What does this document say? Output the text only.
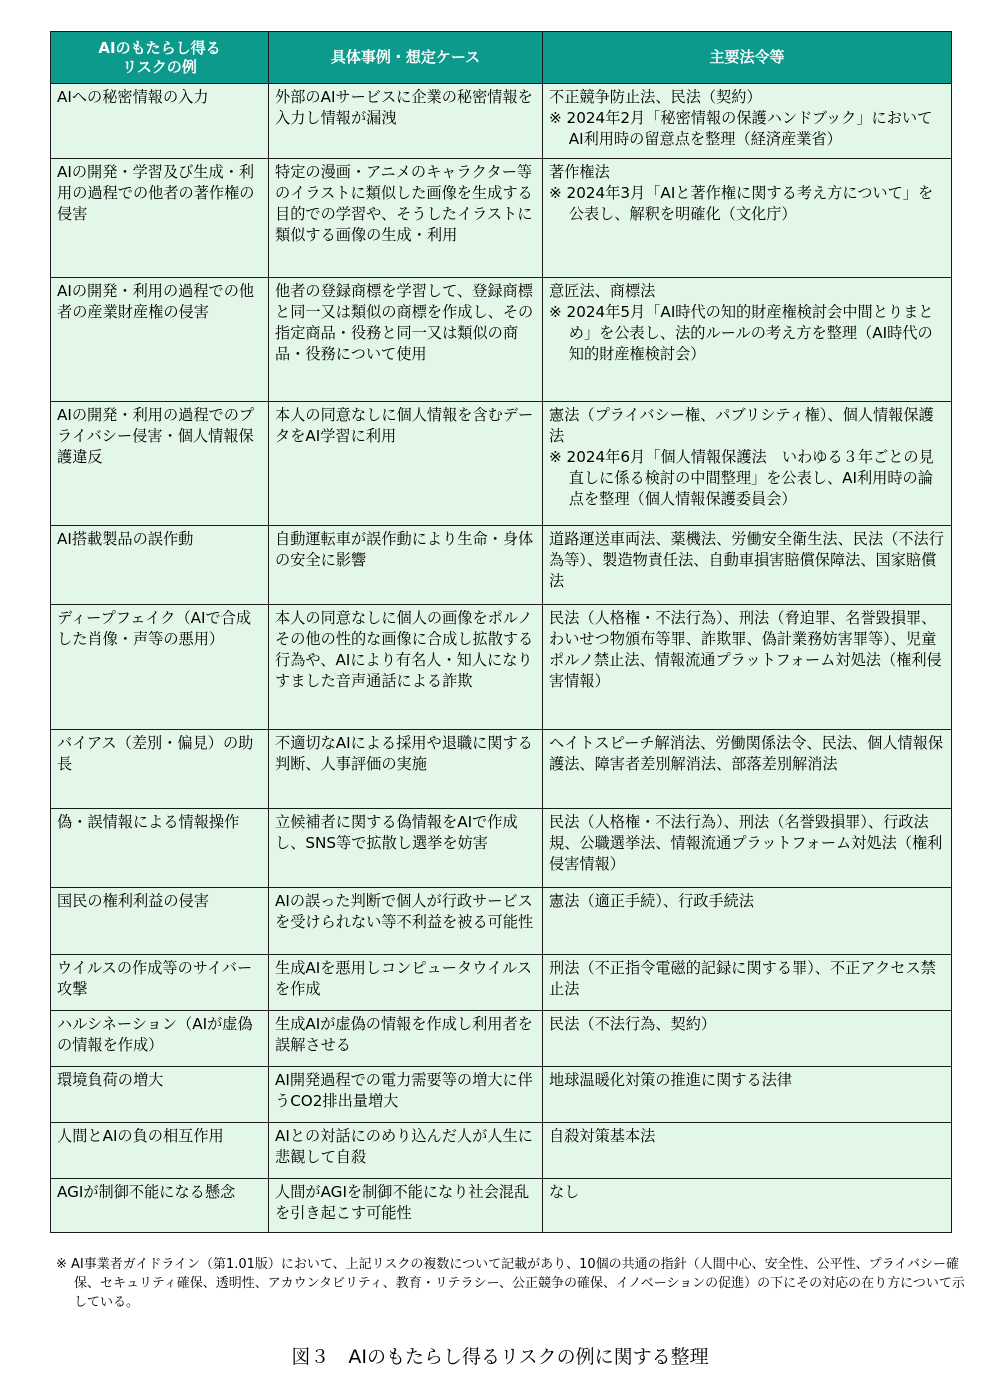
AIのもたらし得る
リスクの例	具体事例・想定ケース	主要法令等
AIへの秘密情報の入力	外部のAIサービスに企業の秘密情報を入力し情報が漏洩	不正競争防止法、民法（契約）
※ 2024年2月「秘密情報の保護ハンドブック」においてAI利用時の留意点を整理（経済産業省）

AIの開発・学習及び生成・利用の過程での他者の著作権の侵害	特定の漫画・アニメのキャラクター等のイラストに類似した画像を生成する目的での学習や、そうしたイラストに類似する画像の生成・利用	著作権法
※ 2024年3月「AIと著作権に関する考え方について」を公表し、解釈を明確化（文化庁）

AIの開発・利用の過程での他者の産業財産権の侵害	他者の登録商標を学習して、登録商標と同一又は類似の商標を作成し、その指定商品・役務と同一又は類似の商品・役務について使用	意匠法、商標法
※ 2024年5月「AI時代の知的財産権検討会中間とりまとめ」を公表し、法的ルールの考え方を整理（AI時代の知的財産権検討会）

AIの開発・利用の過程でのプライバシー侵害・個人情報保護違反	本人の同意なしに個人情報を含むデータをAI学習に利用	憲法（プライバシー権、パブリシティ権）、個人情報保護法
※ 2024年6月「個人情報保護法　いわゆる３年ごとの見直しに係る検討の中間整理」を公表し、AI利用時の論点を整理（個人情報保護委員会）

AI搭載製品の誤作動	自動運転車が誤作動により生命・身体の安全に影響	道路運送車両法、薬機法、労働安全衛生法、民法（不法行為等）、製造物責任法、自動車損害賠償保障法、国家賠償法

ディープフェイク（AIで合成した肖像・声等の悪用）	本人の同意なしに個人の画像をポルノその他の性的な画像に合成し拡散する行為や、AIにより有名人・知人になりすました音声通話による詐欺	民法（人格権・不法行為）、刑法（脅迫罪、名誉毀損罪、わいせつ物頒布等罪、詐欺罪、偽計業務妨害罪等）、児童ポルノ禁止法、情報流通プラットフォーム対処法（権利侵害情報）

バイアス（差別・偏見）の助長	不適切なAIによる採用や退職に関する判断、人事評価の実施	ヘイトスピーチ解消法、労働関係法令、民法、個人情報保護法、障害者差別解消法、部落差別解消法

偽・誤情報による情報操作	立候補者に関する偽情報をAIで作成し、SNS等で拡散し選挙を妨害	民法（人格権・不法行為）、刑法（名誉毀損罪）、行政法規、公職選挙法、情報流通プラットフォーム対処法（権利侵害情報）

国民の権利利益の侵害	AIの誤った判断で個人が行政サービスを受けられない等不利益を被る可能性	憲法（適正手続）、行政手続法

ウイルスの作成等のサイバー攻撃	生成AIを悪用しコンピュータウイルスを作成	刑法（不正指令電磁的記録に関する罪）、不正アクセス禁止法

ハルシネーション（AIが虚偽の情報を作成）	生成AIが虚偽の情報を作成し利用者を誤解させる	民法（不法行為、契約）

環境負荷の増大	AI開発過程での電力需要等の増大に伴うCO2排出量増大	地球温暖化対策の推進に関する法律

人間とAIの負の相互作用	AIとの対話にのめり込んだ人が人生に悲観して自殺	自殺対策基本法

AGIが制御不能になる懸念	人間がAGIを制御不能になり社会混乱を引き起こす可能性	なし
※ AI事業者ガイドライン（第1.01版）において、上記リスクの複数について記載があり、10個の共通の指針（人間中心、安全性、公平性、プライバシー確保、セキュリティ確保、透明性、アカウンタビリティ、教育・リテラシー、公正競争の確保、イノベーションの促進）の下にその対応の在り方について示している。
図３　AIのもたらし得るリスクの例に関する整理
